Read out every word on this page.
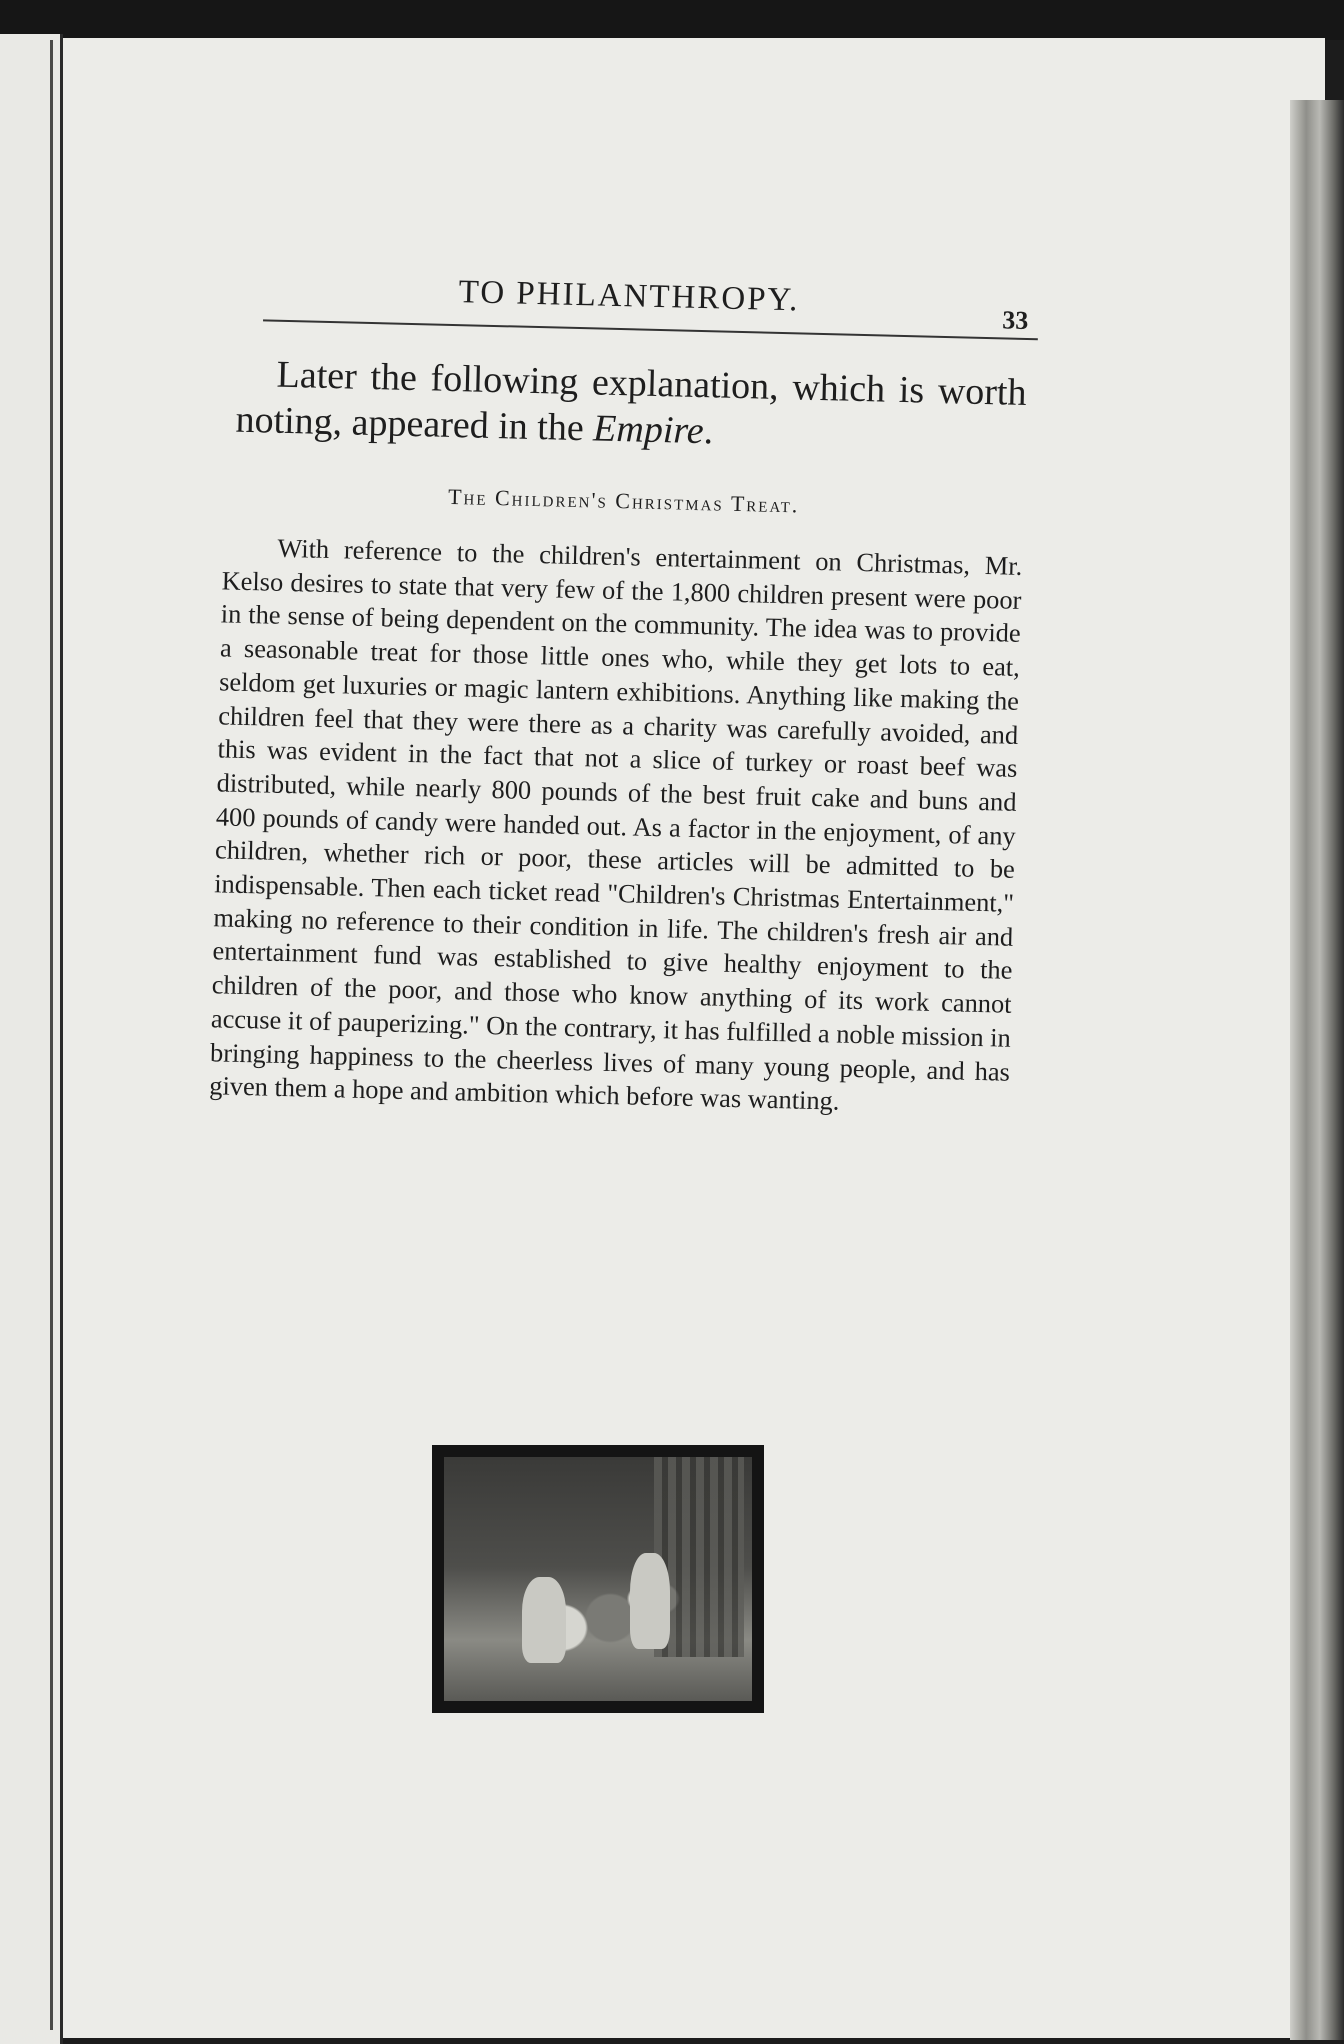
TO PHILANTHROPY.
33

Later the following explanation, which is worth noting, appeared in the Empire.

The Children's Christmas Treat.

With reference to the children's entertainment on Christmas, Mr. Kelso desires to state that very few of the 1,800 children present were poor in the sense of being dependent on the community. The idea was to provide a seasonable treat for those little ones who, while they get lots to eat, seldom get luxuries or magic lantern exhibitions. Anything like making the children feel that they were there as a charity was carefully avoided, and this was evident in the fact that not a slice of turkey or roast beef was distributed, while nearly 800 pounds of the best fruit cake and buns and 400 pounds of candy were handed out. As a factor in the enjoyment, of any children, whether rich or poor, these articles will be admitted to be indispensable. Then each ticket read "Children's Christmas Entertainment," making no reference to their condition in life. The children's fresh air and entertainment fund was established to give healthy enjoyment to the children of the poor, and those who know anything of its work cannot accuse it of pauperizing." On the contrary, it has fulfilled a noble mission in bringing happiness to the cheerless lives of many young people, and has given them a hope and ambition which before was wanting.
